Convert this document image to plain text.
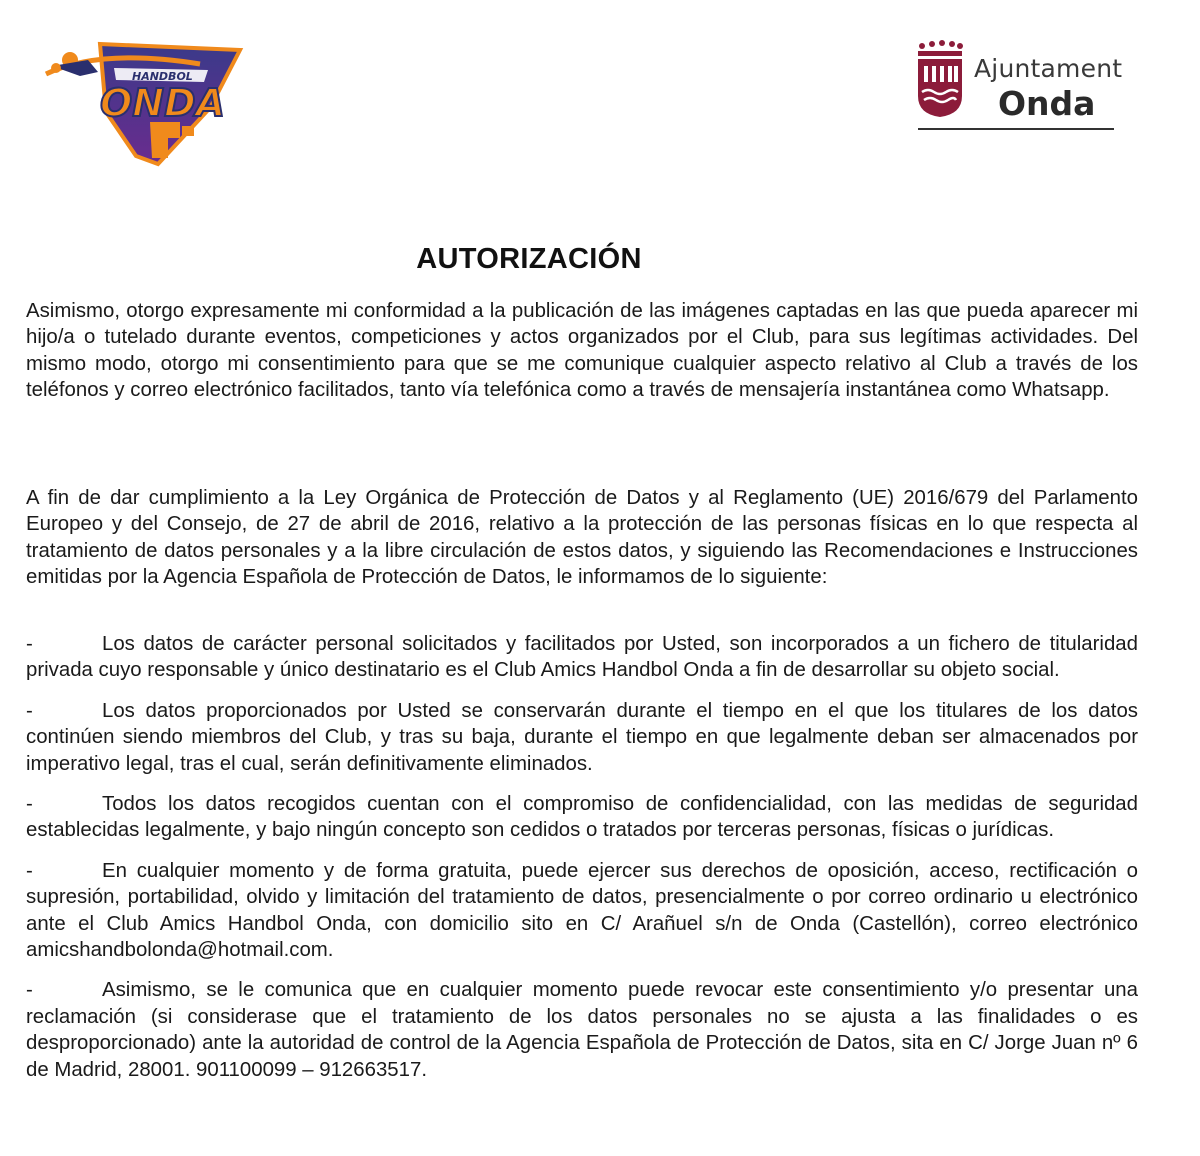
HANDBOL
ONDA
Ajuntament
Onda
AUTORIZACIÓN
Asimismo, otorgo expresamente mi conformidad a la publicación de las imágenes captadas en las que pueda aparecer mi hijo/a o tutelado durante eventos, competiciones y actos organizados por el Club, para sus legítimas actividades. Del mismo modo, otorgo mi consentimiento para que se me comunique cualquier aspecto relativo al Club a través de los teléfonos y correo electrónico facilitados, tanto vía telefónica como a través de mensajería instantánea como Whatsapp.
A fin de dar cumplimiento a la Ley Orgánica de Protección de Datos y al Reglamento (UE) 2016/679 del Parlamento Europeo y del Consejo, de 27 de abril de 2016, relativo a la protección de las personas físicas en lo que respecta al tratamiento de datos personales y a la libre circulación de estos datos, y siguiendo las Recomendaciones e Instrucciones emitidas por la Agencia Española de Protección de Datos, le informamos de lo siguiente:
-	Los datos de carácter personal solicitados y facilitados por Usted, son incorporados a un fichero de titularidad privada cuyo responsable y único destinatario es el Club Amics Handbol Onda a fin de desarrollar su objeto social.
-	Los datos proporcionados por Usted se conservarán durante el tiempo en el que los titulares de los datos continúen siendo miembros del Club, y tras su baja, durante el tiempo en que legalmente deban ser almacenados por imperativo legal, tras el cual, serán definitivamente eliminados.
-	Todos los datos recogidos cuentan con el compromiso de confidencialidad, con las medidas de seguridad establecidas legalmente, y bajo ningún concepto son cedidos o tratados por terceras personas, físicas o jurídicas.
-	En cualquier momento y de forma gratuita, puede ejercer sus derechos de oposición, acceso, rectificación o supresión, portabilidad, olvido y limitación del tratamiento de datos, presencialmente o por correo ordinario u electrónico ante el Club Amics Handbol Onda, con domicilio sito en C/ Arañuel s/n de Onda (Castellón), correo electrónico amicshandbolonda@hotmail.com.
-	Asimismo, se le comunica que en cualquier momento puede revocar este consentimiento y/o presentar una reclamación (si considerase que el tratamiento de los datos personales no se ajusta a las finalidades o es desproporcionado) ante la autoridad de control de la Agencia Española de Protección de Datos, sita en C/ Jorge Juan nº 6 de Madrid, 28001. 901100099 – 912663517.
